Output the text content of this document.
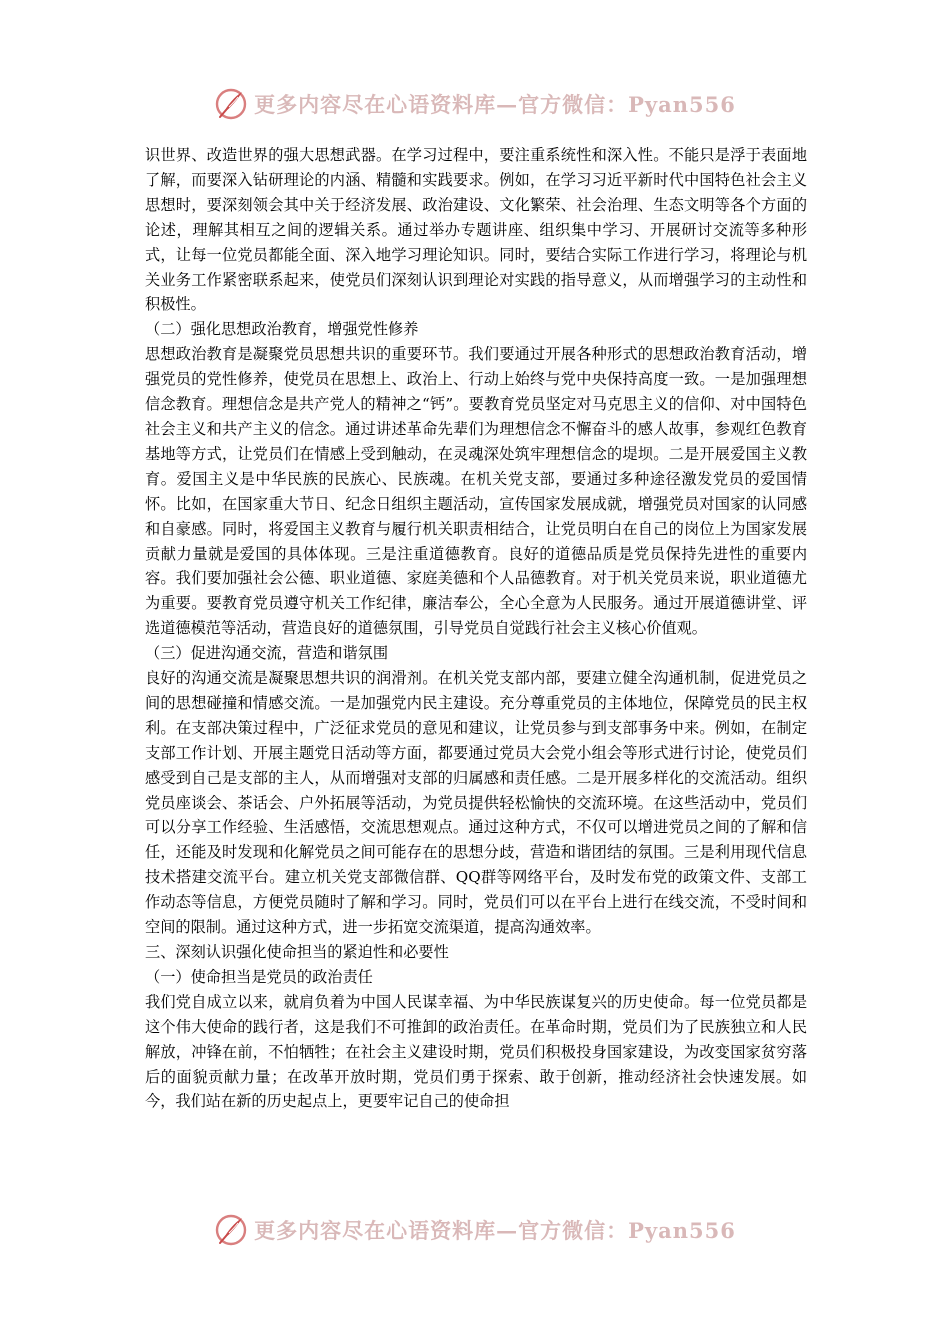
更多内容尽在心语资料库—官方微信：Pyan556

识世界、改造世界的强大思想武器。在学习过程中，要注重系统性和深入性。不能只是浮于表面地了解，而要深入钻研理论的内涵、精髓和实践要求。例如，在学习习近平新时代中国特色社会主义思想时，要深刻领会其中关于经济发展、政治建设、文化繁荣、社会治理、生态文明等各个方面的论述，理解其相互之间的逻辑关系。通过举办专题讲座、组织集中学习、开展研讨交流等多种形式，让每一位党员都能全面、深入地学习理论知识。同时，要结合实际工作进行学习，将理论与机关业务工作紧密联系起来，使党员们深刻认识到理论对实践的指导意义，从而增强学习的主动性和积极性。

（二）强化思想政治教育，增强党性修养

思想政治教育是凝聚党员思想共识的重要环节。我们要通过开展各种形式的思想政治教育活动，增强党员的党性修养，使党员在思想上、政治上、行动上始终与党中央保持高度一致。一是加强理想信念教育。理想信念是共产党人的精神之“钙”。要教育党员坚定对马克思主义的信仰、对中国特色社会主义和共产主义的信念。通过讲述革命先辈们为理想信念不懈奋斗的感人故事，参观红色教育基地等方式，让党员们在情感上受到触动，在灵魂深处筑牢理想信念的堤坝。二是开展爱国主义教育。爱国主义是中华民族的民族心、民族魂。在机关党支部，要通过多种途径激发党员的爱国情怀。比如，在国家重大节日、纪念日组织主题活动，宣传国家发展成就，增强党员对国家的认同感和自豪感。同时，将爱国主义教育与履行机关职责相结合，让党员明白在自己的岗位上为国家发展贡献力量就是爱国的具体体现。三是注重道德教育。良好的道德品质是党员保持先进性的重要内容。我们要加强社会公德、职业道德、家庭美德和个人品德教育。对于机关党员来说，职业道德尤为重要。要教育党员遵守机关工作纪律，廉洁奉公，全心全意为人民服务。通过开展道德讲堂、评选道德模范等活动，营造良好的道德氛围，引导党员自觉践行社会主义核心价值观。

（三）促进沟通交流，营造和谐氛围

良好的沟通交流是凝聚思想共识的润滑剂。在机关党支部内部，要建立健全沟通机制，促进党员之间的思想碰撞和情感交流。一是加强党内民主建设。充分尊重党员的主体地位，保障党员的民主权利。在支部决策过程中，广泛征求党员的意见和建议，让党员参与到支部事务中来。例如，在制定支部工作计划、开展主题党日活动等方面，都要通过党员大会党小组会等形式进行讨论，使党员们感受到自己是支部的主人，从而增强对支部的归属感和责任感。二是开展多样化的交流活动。组织党员座谈会、茶话会、户外拓展等活动，为党员提供轻松愉快的交流环境。在这些活动中，党员们可以分享工作经验、生活感悟，交流思想观点。通过这种方式，不仅可以增进党员之间的了解和信任，还能及时发现和化解党员之间可能存在的思想分歧，营造和谐团结的氛围。三是利用现代信息技术搭建交流平台。建立机关党支部微信群、QQ群等网络平台，及时发布党的政策文件、支部工作动态等信息，方便党员随时了解和学习。同时，党员们可以在平台上进行在线交流，不受时间和空间的限制。通过这种方式，进一步拓宽交流渠道，提高沟通效率。

三、深刻认识强化使命担当的紧迫性和必要性

（一）使命担当是党员的政治责任

我们党自成立以来，就肩负着为中国人民谋幸福、为中华民族谋复兴的历史使命。每一位党员都是这个伟大使命的践行者，这是我们不可推卸的政治责任。在革命时期，党员们为了民族独立和人民解放，冲锋在前，不怕牺牲；在社会主义建设时期，党员们积极投身国家建设，为改变国家贫穷落后的面貌贡献力量；在改革开放时期，党员们勇于探索、敢于创新，推动经济社会快速发展。如今，我们站在新的历史起点上，更要牢记自己的使命担

更多内容尽在心语资料库—官方微信：Pyan556
